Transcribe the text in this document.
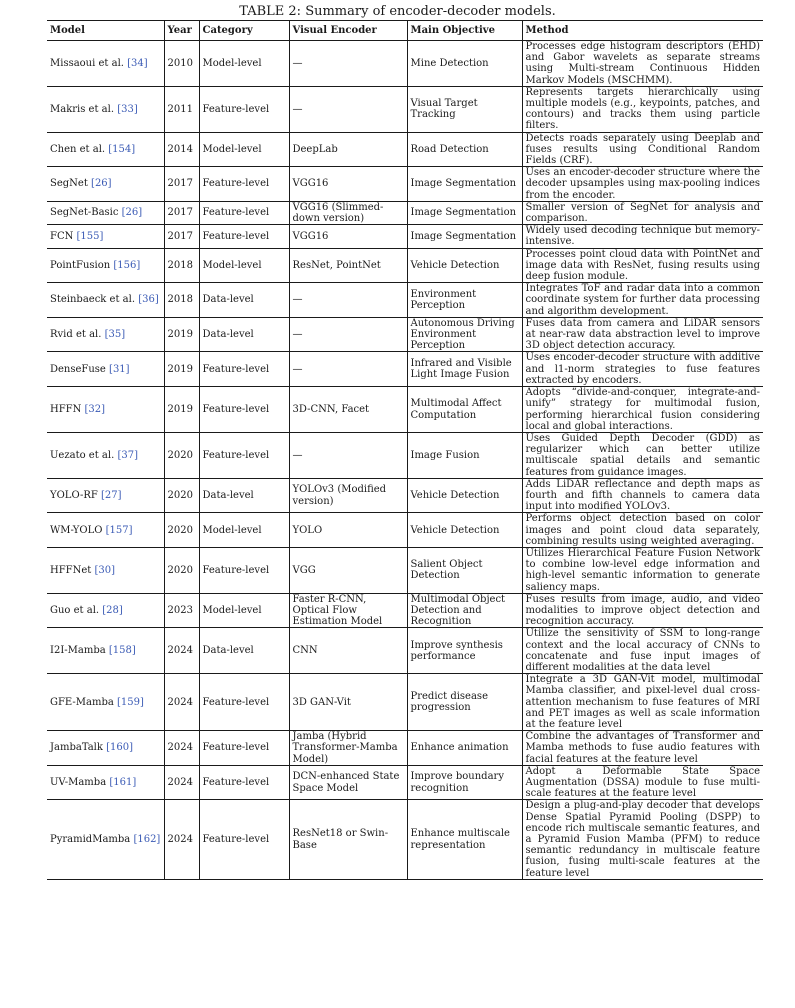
TABLE 2: Summary of encoder-decoder models.
Model	Year	Category	Visual Encoder	Main Objective	Method
Missaoui et al. [34]	2010	Model-level	—	Mine Detection	Processes edge histogram descriptors (EHD) and Gabor wavelets as separate streams using Multi-stream Continuous Hidden Markov Models (MSCHMM).
Makris et al. [33]	2011	Feature-level	—	Visual Target Tracking	Represents targets hierarchically using multiple models (e.g., keypoints, patches, and contours) and tracks them using particle filters.
Chen et al. [154]	2014	Model-level	DeepLab	Road Detection	Detects roads separately using Deeplab and fuses results using Conditional Random Fields (CRF).
SegNet [26]	2017	Feature-level	VGG16	Image Segmentation	Uses an encoder-decoder structure where the decoder upsamples using max-pooling indices from the encoder.
SegNet-Basic [26]	2017	Feature-level	VGG16 (Slimmed-down version)	Image Segmentation	Smaller version of SegNet for analysis and comparison.
FCN [155]	2017	Feature-level	VGG16	Image Segmentation	Widely used decoding technique but memory-intensive.
PointFusion [156]	2018	Model-level	ResNet, PointNet	Vehicle Detection	Processes point cloud data with PointNet and image data with ResNet, fusing results using deep fusion module.
Steinbaeck et al. [36]	2018	Data-level	—	Environment Perception	Integrates ToF and radar data into a common coordinate system for further data processing and algorithm development.
Rvid et al. [35]	2019	Data-level	—	Autonomous Driving Environment Perception	Fuses data from camera and LiDAR sensors at near-raw data abstraction level to improve 3D object detection accuracy.
DenseFuse [31]	2019	Feature-level	—	Infrared and Visible Light Image Fusion	Uses encoder-decoder structure with additive and l1-norm strategies to fuse features extracted by encoders.
HFFN [32]	2019	Feature-level	3D-CNN, Facet	Multimodal Affect Computation	Adopts “divide-and-conquer, integrate-and-unify” strategy for multimodal fusion, performing hierarchical fusion considering local and global interactions.
Uezato et al. [37]	2020	Feature-level	—	Image Fusion	Uses Guided Depth Decoder (GDD) as regularizer which can better utilize multiscale spatial details and semantic features from guidance images.
YOLO-RF [27]	2020	Data-level	YOLOv3 (Modified version)	Vehicle Detection	Adds LiDAR reflectance and depth maps as fourth and fifth channels to camera data input into modified YOLOv3.
WM-YOLO [157]	2020	Model-level	YOLO	Vehicle Detection	Performs object detection based on color images and point cloud data separately, combining results using weighted averaging.
HFFNet [30]	2020	Feature-level	VGG	Salient Object Detection	Utilizes Hierarchical Feature Fusion Network to combine low-level edge information and high-level semantic information to generate saliency maps.
Guo et al. [28]	2023	Model-level	Faster R-CNN, Optical Flow Estimation Model	Multimodal Object Detection and Recognition	Fuses results from image, audio, and video modalities to improve object detection and recognition accuracy.
I2I-Mamba [158]	2024	Data-level	CNN	Improve synthesis performance	Utilize the sensitivity of SSM to long-range context and the local accuracy of CNNs to concatenate and fuse input images of different modalities at the data level
GFE-Mamba [159]	2024	Feature-level	3D GAN-Vit	Predict disease progression	Integrate a 3D GAN-Vit model, multimodal Mamba classifier, and pixel-level dual cross-attention mechanism to fuse features of MRI and PET images as well as scale information at the feature level
JambaTalk [160]	2024	Feature-level	Jamba (Hybrid Transformer-Mamba Model)	Enhance animation	Combine the advantages of Transformer and Mamba methods to fuse audio features with facial features at the feature level
UV-Mamba [161]	2024	Feature-level	DCN-enhanced State Space Model	Improve boundary recognition	Adopt a Deformable State Space Augmentation (DSSA) module to fuse multi-scale features at the feature level
PyramidMamba [162]	2024	Feature-level	ResNet18 or Swin-Base	Enhance multiscale representation	Design a plug-and-play decoder that develops Dense Spatial Pyramid Pooling (DSPP) to encode rich multiscale semantic features, and a Pyramid Fusion Mamba (PFM) to reduce semantic redundancy in multiscale feature fusion, fusing multi-scale features at the feature level
